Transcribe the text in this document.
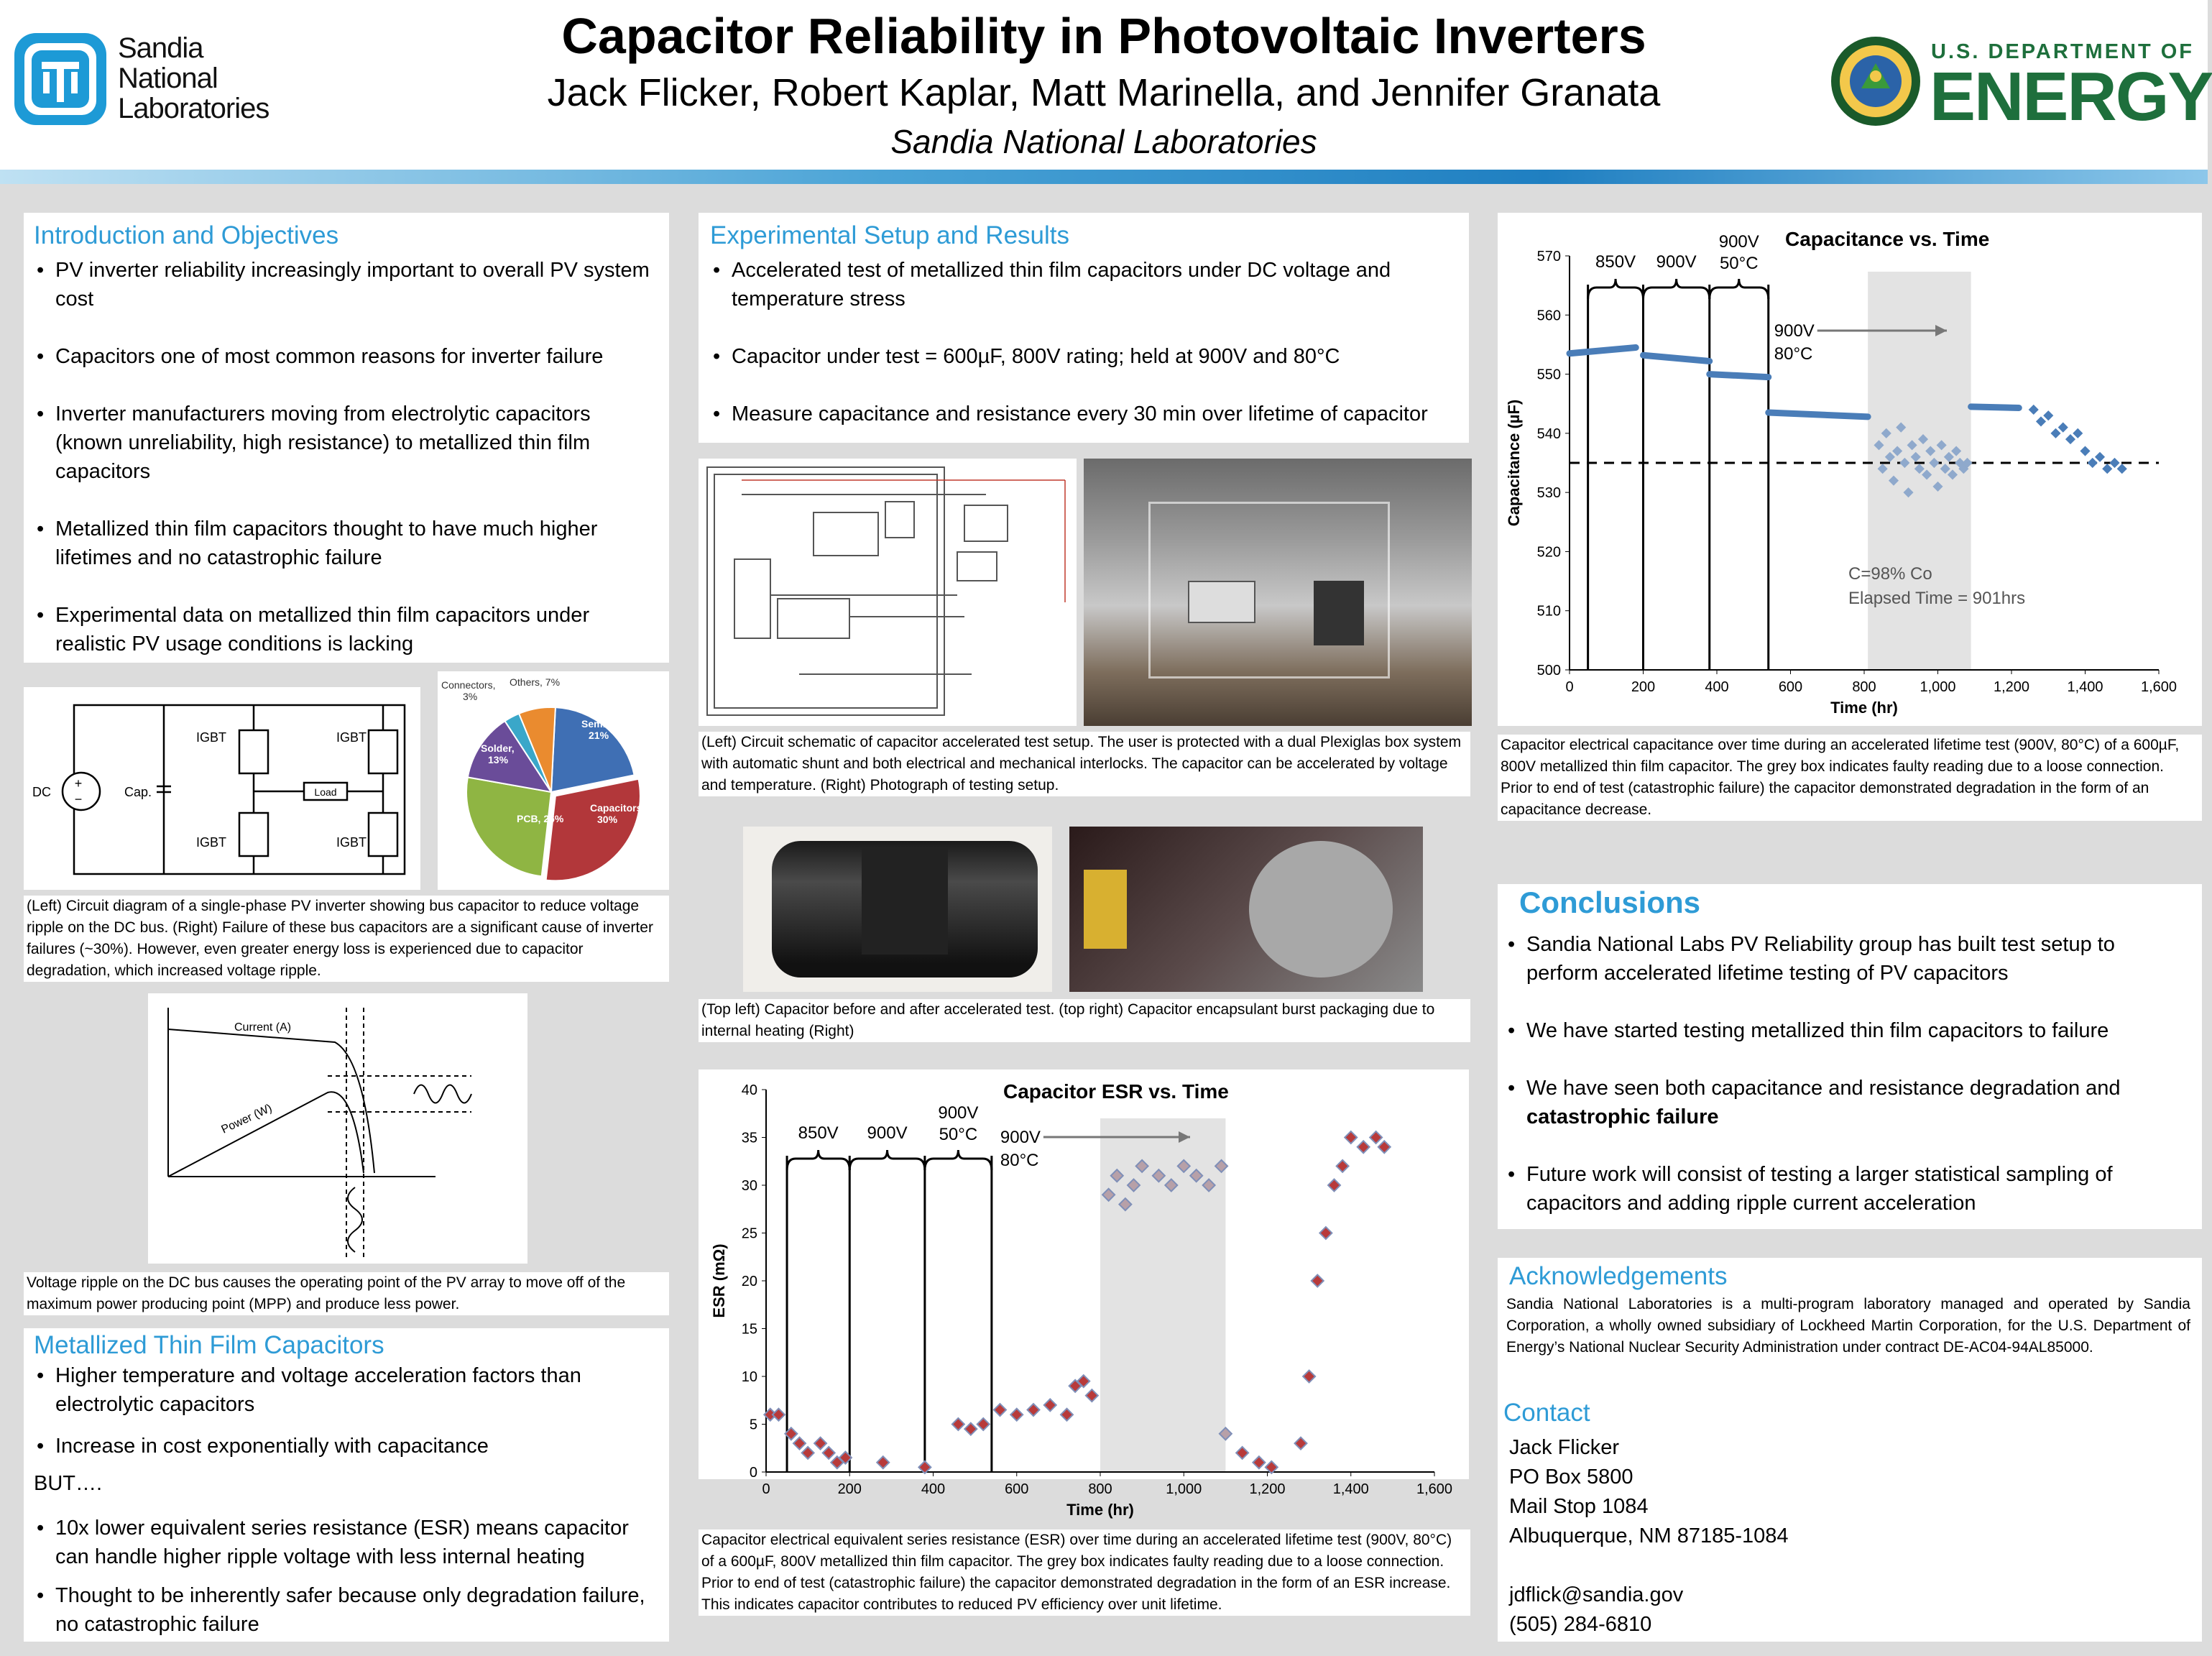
Sandia
National
Laboratories
Capacitor Reliability in Photovoltaic Inverters
Jack Flicker, Robert Kaplar, Matt Marinella, and Jennifer Granata
Sandia National Laboratories
U.S. DEPARTMENT OF
ENERGY
Introduction and Objectives
• PV inverter reliability increasingly important to overall PV system cost
• Capacitors one of most common reasons for inverter failure
• Inverter manufacturers moving from electrolytic capacitors (known unreliability, high resistance) to metallized thin film capacitors
• Metallized thin film capacitors thought to have much higher lifetimes and no catastrophic failure
• Experimental data on metallized thin film capacitors under realistic PV usage conditions is lacking
+
−
DC	Cap.
IGBT	IGBT
IGBT	IGBT
Load
Semicond,
21%
Capacitors,
30%
PCB, 26%
Solder,
13%
Connectors,
3%
Others, 7%
(Left) Circuit diagram of a single-phase PV inverter showing bus capacitor to reduce voltage ripple on the DC bus. (Right) Failure of these bus capacitors are a significant cause of inverter failures (~30%). However, even greater energy loss is experienced due to capacitor degradation, which increased voltage ripple.
Current (A)
Power (W)
Voltage ripple on the DC bus causes the operating point of the PV array to move off of the maximum power producing point (MPP) and produce less power.
Metallized Thin Film Capacitors
• Higher temperature and voltage acceleration factors than electrolytic capacitors
• Increase in cost exponentially with capacitance
BUT….
• 10x lower equivalent series resistance (ESR) means capacitor can handle higher ripple voltage with less internal heating
• Thought to be inherently safer because only degradation failure, no catastrophic failure
Experimental Setup and Results
• Accelerated test of metallized thin film capacitors under DC voltage and temperature stress
• Capacitor under test = 600µF, 800V rating; held at 900V and 80°C
• Measure capacitance and resistance every 30 min over lifetime of capacitor
(Left) Circuit schematic of capacitor accelerated test setup. The user is protected with a dual Plexiglas box system with automatic shunt and both electrical and mechanical interlocks. The capacitor can be accelerated by voltage and temperature. (Right) Photograph of testing setup.
(Top left) Capacitor before and after accelerated test. (top right) Capacitor encapsulant burst packaging due to internal heating (Right)
0	200	400	600	800	1,000	1,200	1,400	1,600
0
5
10
15
20
25
30
35
40
Time (hr)
ESR (mΩ)
Capacitor ESR vs. Time
850V 900V
900V
50°C 900V
80°C
Capacitor electrical equivalent series resistance (ESR) over time during an accelerated lifetime test (900V, 80°C) of a 600µF, 800V metallized thin film capacitor. The grey box indicates faulty reading due to a loose connection. Prior to end of test (catastrophic failure) the capacitor demonstrated degradation in the form of an ESR increase. This indicates capacitor contributes to reduced PV efficiency over unit lifetime.
0	200	400	600	800	1,000	1,200	1,400	1,600
500
510
520
530
540
550
560
570
Time (hr)
Capacitance (µF)
Capacitance vs. Time
850V 900V
900V
50°C
900V
80°C
C=98% Co
Elapsed Time = 901hrs
Capacitor electrical capacitance over time during an accelerated lifetime test (900V, 80°C) of a 600µF, 800V metallized thin film capacitor. The grey box indicates faulty reading due to a loose connection. Prior to end of test (catastrophic failure) the capacitor demonstrated degradation in the form of an capacitance decrease.
Conclusions
• Sandia National Labs PV Reliability group has built test setup to perform accelerated lifetime testing of PV capacitors
• We have started testing metallized thin film capacitors to failure
• We have seen both capacitance and resistance degradation and catastrophic failure
• Future work will consist of testing a larger statistical sampling of capacitors and adding ripple current acceleration
Acknowledgements
Sandia National Laboratories is a multi-program laboratory managed and operated by Sandia Corporation, a wholly owned subsidiary of Lockheed Martin Corporation, for the U.S. Department of Energy’s National Nuclear Security Administration under contract DE-AC04-94AL85000.
Contact
Jack Flicker
PO Box 5800
Mail Stop 1084
Albuquerque, NM 87185-1084
jdflick@sandia.gov
(505) 284-6810
